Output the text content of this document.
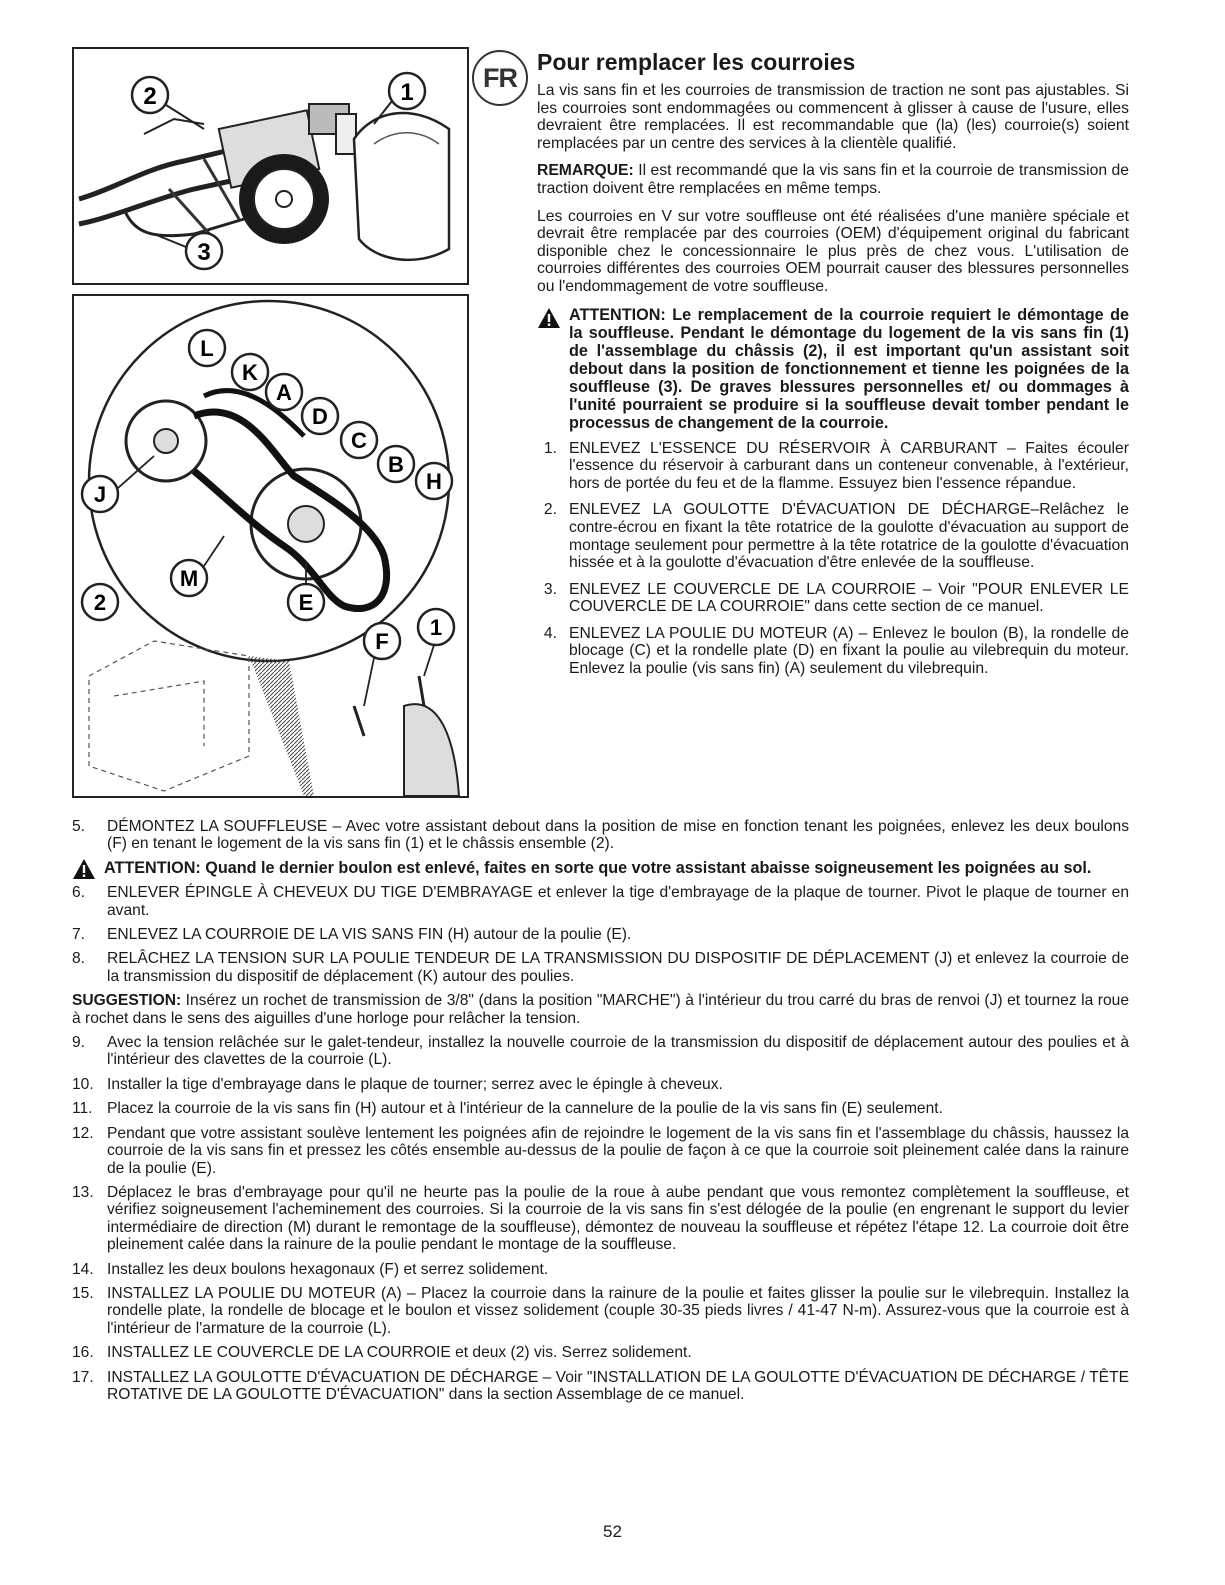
2	1
3
L
K
A
D
C
B
H
J
M
E
2
F
1
FR
Pour remplacer les courroies

La vis sans fin et les courroies de transmission de traction ne sont pas ajustables. Si les courroies sont endommagées ou commencent à glisser à cause de l'usure, elles devraient être remplacées. Il est recommandable que (la) (les) courroie(s) soient remplacées par un centre des services à la clientèle qualifié.

REMARQUE: Il est recommandé que la vis sans fin et la courroie de transmission de traction doivent être remplacées en même temps.

Les courroies en V sur votre souffleuse ont été réalisées d'une manière spéciale et devrait être remplacée par des courroies (OEM) d'équipement original du fabricant disponible chez le concessionnaire le plus près de chez vous. L'utilisation de courroies différentes des courroies OEM pourrait causer des blessures personnelles ou l'endommagement de votre souffleuse.

ATTENTION: Le remplacement de la courroie requiert le démontage de la souffleuse. Pendant le démontage du logement de la vis sans fin (1) de l'assemblage du châssis (2), il est important qu'un assistant soit debout dans la position de fonctionnement et tienne les poignées de la souffleuse (3). De graves blessures personnelles et/ ou dommages à l'unité pourraient se produire si la souffleuse devait tomber pendant le processus de changement de la courroie.
1. ENLEVEZ L'ESSENCE DU RÉSERVOIR À CARBURANT – Faites écouler l'essence du réservoir à carburant dans un conteneur convenable, à l'extérieur, hors de portée du feu et de la flamme. Essuyez bien l'essence répandue.
2. ENLEVEZ LA GOULOTTE D'ÉVACUATION DE DÉCHARGE–Relâchez le contre-écrou en fixant la tête rotatrice de la goulotte d'évacuation au support de montage seulement pour permettre à la tête rotatrice de la goulotte d'évacuation hissée et à la goulotte d'évacuation d'être enlevée de la souffleuse.
3. ENLEVEZ LE COUVERCLE DE LA COURROIE – Voir "POUR ENLEVER LE COUVERCLE DE LA COURROIE" dans cette section de ce manuel.
4. ENLEVEZ LA POULIE DU MOTEUR (A) – Enlevez le boulon (B), la rondelle de blocage (C) et la rondelle plate (D) en fixant la poulie au vilebrequin du moteur. Enlevez la poulie (vis sans fin) (A) seulement du vilebrequin.
5.	DÉMONTEZ LA SOUFFLEUSE – Avec votre assistant debout dans la position de mise en fonction tenant les poignées, enlevez les deux boulons (F) en tenant le logement de la vis sans fin (1) et le châssis ensemble (2).
ATTENTION: Quand le dernier boulon est enlevé, faites en sorte que votre assistant abaisse soigneusement les poignées au sol.
6.	ENLEVER ÉPINGLE À CHEVEUX DU TIGE D'EMBRAYAGE et enlever la tige d'embrayage de la plaque de tourner. Pivot le plaque de tourner en avant.
7.	ENLEVEZ LA COURROIE DE LA VIS SANS FIN (H) autour de la poulie (E).
8.	RELÂCHEZ LA TENSION SUR LA POULIE TENDEUR DE LA TRANSMISSION DU DISPOSITIF DE DÉPLACEMENT (J) et enlevez la courroie de la transmission du dispositif de déplacement (K) autour des poulies.
SUGGESTION: Insérez un rochet de transmission de 3/8" (dans la position "MARCHE") à l'intérieur du trou carré du bras de renvoi (J) et tournez la roue à rochet dans le sens des aiguilles d'une horloge pour relâcher la tension.
9.	Avec la tension relâchée sur le galet-tendeur, installez la nouvelle courroie de la transmission du dispositif de déplacement autour des poulies et à l'intérieur des clavettes de la courroie (L).
10. Installer la tige d'embrayage dans le plaque de tourner; serrez avec le épingle à cheveux.
11. Placez la courroie de la vis sans fin (H) autour et à l'intérieur de la cannelure de la poulie de la vis sans fin (E) seulement.
12. Pendant que votre assistant soulève lentement les poignées afin de rejoindre le logement de la vis sans fin et l'assemblage du châssis, haussez la courroie de la vis sans fin et pressez les côtés ensemble au-dessus de la poulie de façon à ce que la courroie soit pleinement calée dans la rainure de la poulie (E).
13. Déplacez le bras d'embrayage pour qu'il ne heurte pas la poulie de la roue à aube pendant que vous remontez complètement la souffleuse, et vérifiez soigneusement l'acheminement des courroies. Si la courroie de la vis sans fin s'est délogée de la poulie (en engrenant le support du levier intermédiaire de direction (M) durant le remontage de la souffleuse), démontez de nouveau la souffleuse et répétez l'étape 12. La courroie doit être pleinement calée dans la rainure de la poulie pendant le montage de la souffleuse.
14. Installez les deux boulons hexagonaux (F) et serrez solidement.
15. INSTALLEZ LA POULIE DU MOTEUR (A) – Placez la courroie dans la rainure de la poulie et faites glisser la poulie sur le vilebrequin. Installez la rondelle plate, la rondelle de blocage et le boulon et vissez solidement (couple 30-35 pieds livres / 41-47 N-m). Assurez-vous que la courroie est à l'intérieur de l'armature de la courroie (L).
16. INSTALLEZ LE COUVERCLE DE LA COURROIE et deux (2) vis. Serrez solidement.
17. INSTALLEZ LA GOULOTTE D'ÉVACUATION DE DÉCHARGE – Voir "INSTALLATION DE LA GOULOTTE D'ÉVACUATION DE DÉCHARGE / TÊTE ROTATIVE DE LA GOULOTTE D'ÉVACUATION" dans la section Assemblage de ce manuel.
52
